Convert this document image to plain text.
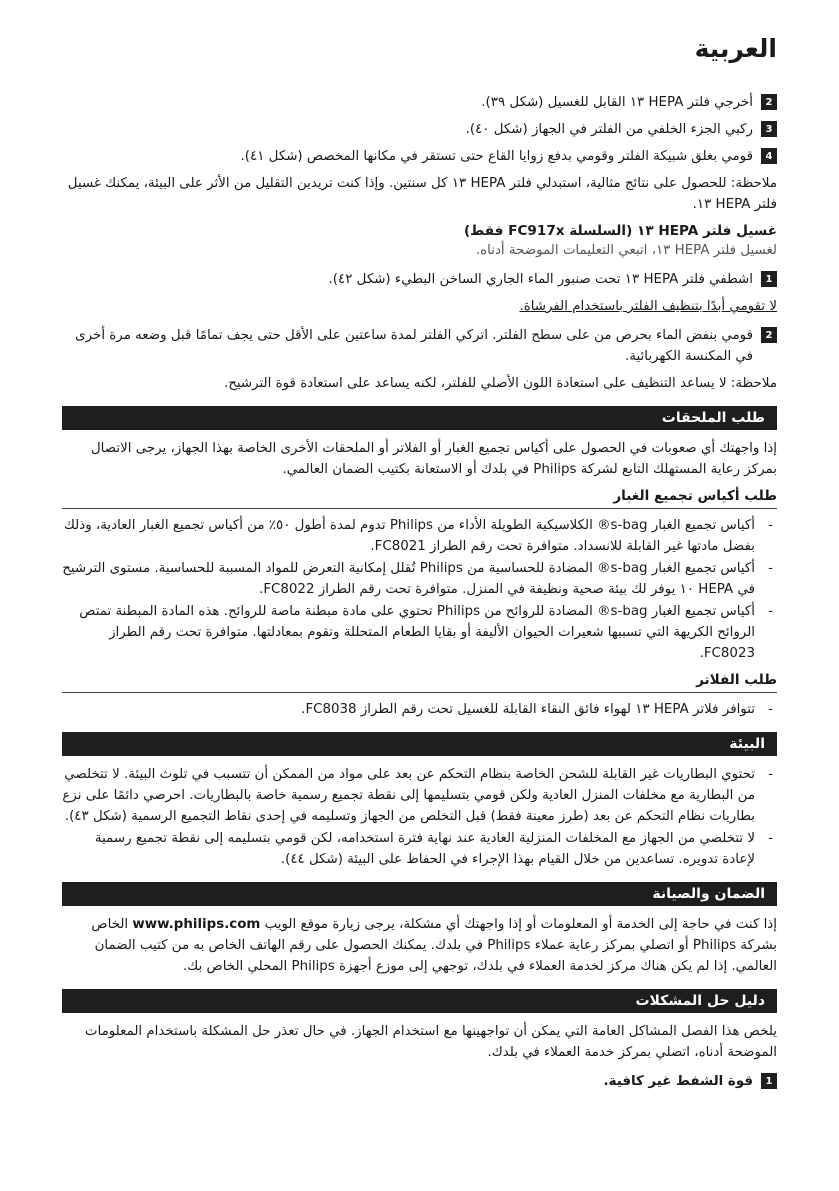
العربية
2
أخرجي فلتر HEPA ١٣ القابل للغسيل (شكل ٣٩).
3
ركبي الجزء الخلفي من الفلتر في الجهاز (شكل ٤٠).
4
قومي بغلق شبيكة الفلتر وقومي بدفع زوايا القاع حتى تستقر في مكانها المخصص (شكل ٤١).

ملاحظة: للحصول على نتائج مثالية، استبدلي فلتر HEPA ١٣ كل سنتين. وإذا كنت تريدين التقليل من الأثر على البيئة، يمكنك غسيل فلتر HEPA ١٣.

غسيل فلتر HEPA ١٣ (السلسلة FC917x فقط)

لغسيل فلتر HEPA ١٣، اتبعي التعليمات الموضحة أدناه.

1
اشطفي فلتر HEPA ١٣ تحت صنبور الماء الجاري الساخن البطيء (شكل ٤٢).

لا تقومي أبدًا بتنظيف الفلتر باستخدام الفرشاة.

2
قومي بنفض الماء بحرص من على سطح الفلتر. اتركي الفلتر لمدة ساعتين على الأقل حتى يجف تمامًا قبل وضعه مرة أخرى في المكنسة الكهربائية.

ملاحظة: لا يساعد التنظيف على استعادة اللون الأصلي للفلتر، لكنه يساعد على استعادة قوة الترشيح.

طلب الملحقات

إذا واجهتك أي صعوبات في الحصول على أكياس تجميع الغبار أو الفلاتر أو الملحقات الأخرى الخاصة بهذا الجهاز، يرجى الاتصال بمركز رعاية المستهلك التابع لشركة Philips في بلدك أو الاستعانة بكتيب الضمان العالمي.

طلب أكياس تجميع الغبار
- أكياس تجميع الغبار s-bag® الكلاسيكية الطويلة الأداء من Philips تدوم لمدة أطول ٥٠٪ من أكياس تجميع الغبار العادية، وذلك بفضل مادتها غير القابلة للانسداد. متوافرة تحت رقم الطراز FC8021.
- أكياس تجميع الغبار s-bag® المضادة للحساسية من Philips تُقلل إمكانية التعرض للمواد المسببة للحساسية. مستوى الترشيح في HEPA ١٠ يوفر لك بيئة صحية ونظيفة في المنزل. متوافرة تحت رقم الطراز FC8022.
- أكياس تجميع الغبار s-bag® المضادة للروائح من Philips تحتوي على مادة مبطنة ماصة للروائح. هذه المادة المبطنة تمتص الروائح الكريهة التي تسببها شعيرات الحيوان الأليفة أو بقايا الطعام المتحللة وتقوم بمعادلتها. متوافرة تحت رقم الطراز FC8023.
طلب الفلاتر
- تتوافر فلاتر HEPA ١٣ لهواء فائق النقاء القابلة للغسيل تحت رقم الطراز FC8038.
البيئة
- تحتوي البطاريات غير القابلة للشحن الخاصة بنظام التحكم عن بعد على مواد من الممكن أن تتسبب في تلوث البيئة. لا تتخلصي من البطارية مع مخلفات المنزل العادية ولكن قومي بتسليمها إلى نقطة تجميع رسمية خاصة بالبطاريات. احرصي دائمًا على نزع بطاريات نظام التحكم عن بعد (طرز معينة فقط) قبل التخلص من الجهاز وتسليمه في إحدى نقاط التجميع الرسمية (شكل ٤٣).
- لا تتخلصي من الجهاز مع المخلفات المنزلية العادية عند نهاية فترة استخدامه، لكن قومي بتسليمه إلى نقطة تجميع رسمية لإعادة تدويره. تساعدين من خلال القيام بهذا الإجراء في الحفاظ على البيئة (شكل ٤٤).
الضمان والصيانة

إذا كنت في حاجة إلى الخدمة أو المعلومات أو إذا واجهتك أي مشكلة، يرجى زيارة موقع الويب www.philips.com الخاص بشركة Philips أو اتصلي بمركز رعاية عملاء Philips في بلدك. يمكنك الحصول على رقم الهاتف الخاص به من كتيب الضمان العالمي. إذا لم يكن هناك مركز لخدمة العملاء في بلدك، توجهي إلى موزع أجهزة Philips المحلي الخاص بك.

دليل حل المشكلات

يلخص هذا الفصل المشاكل العامة التي يمكن أن تواجهينها مع استخدام الجهاز. في حال تعذر حل المشكلة باستخدام المعلومات الموضحة أدناه، اتصلي بمركز خدمة العملاء في بلدك.

1
قوة الشفط غير كافية.
